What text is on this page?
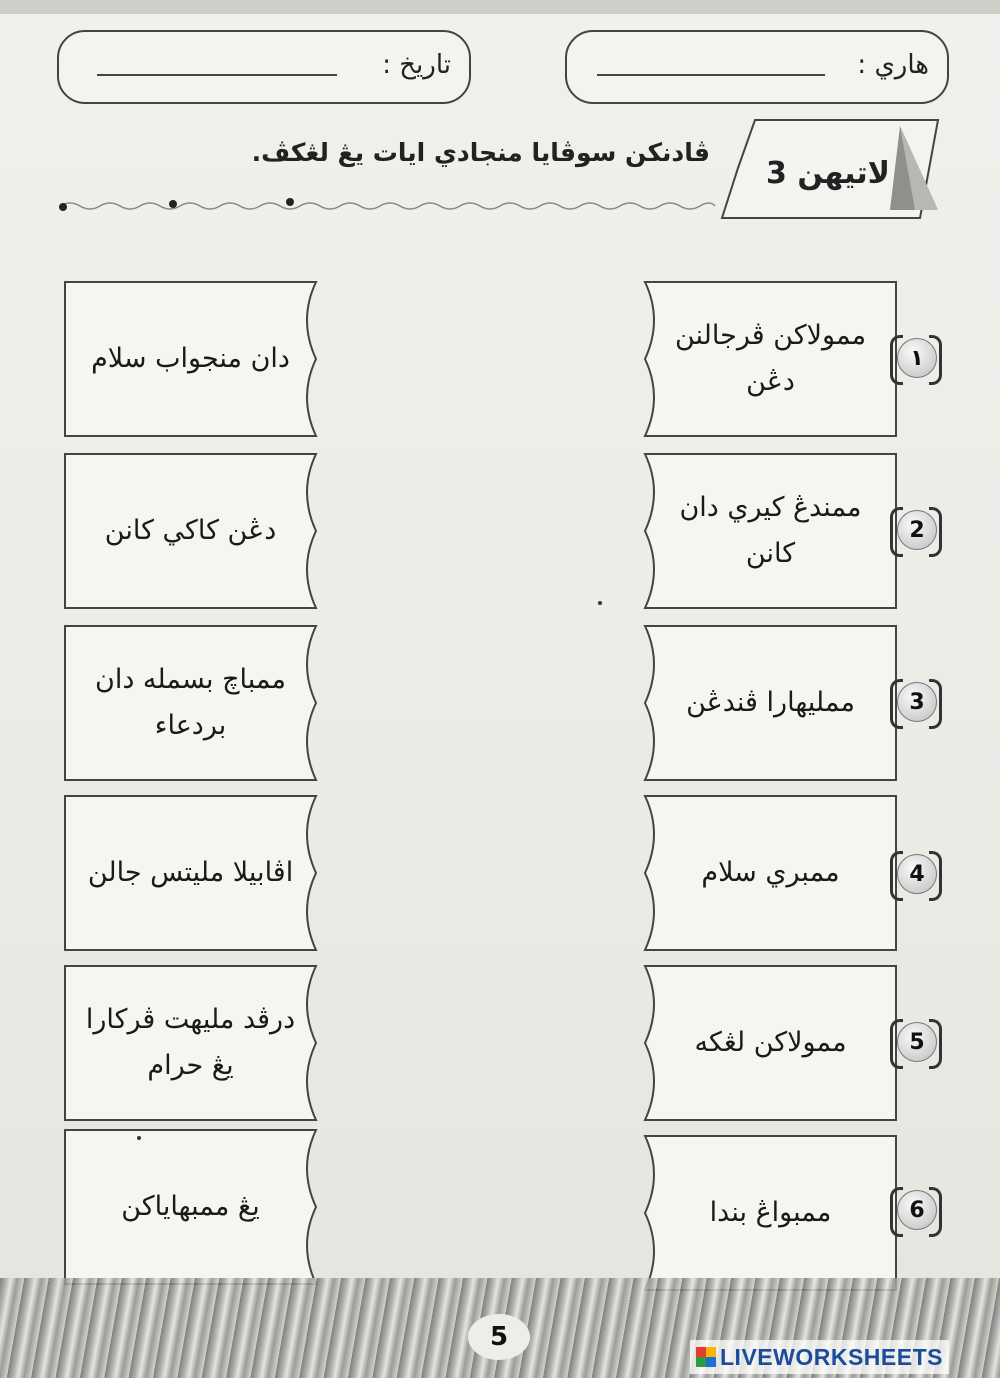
هاري :
تاريخ :
لاتيهن 3
ڤادنكن سوڤايا منجادي ايات يڠ لڠكڤ.
ممولاكن ڤرجالنن دڠن
١
دان منجواب سلام
ممندڠ كيري دان كانن
2
دڠن كاكي كانن
ممليهارا ڤندڠن	3
ممباچ بسمله دان بردعاء
ممبري سلام	4
اڤابيلا مليتس جالن
ممولاكن لڠكه	5
درڤد مليهت ڤركارا يڠ حرام
ممبواڠ بندا	6
يڠ ممبهاياكن
5
LIVEWORKSHEETS
